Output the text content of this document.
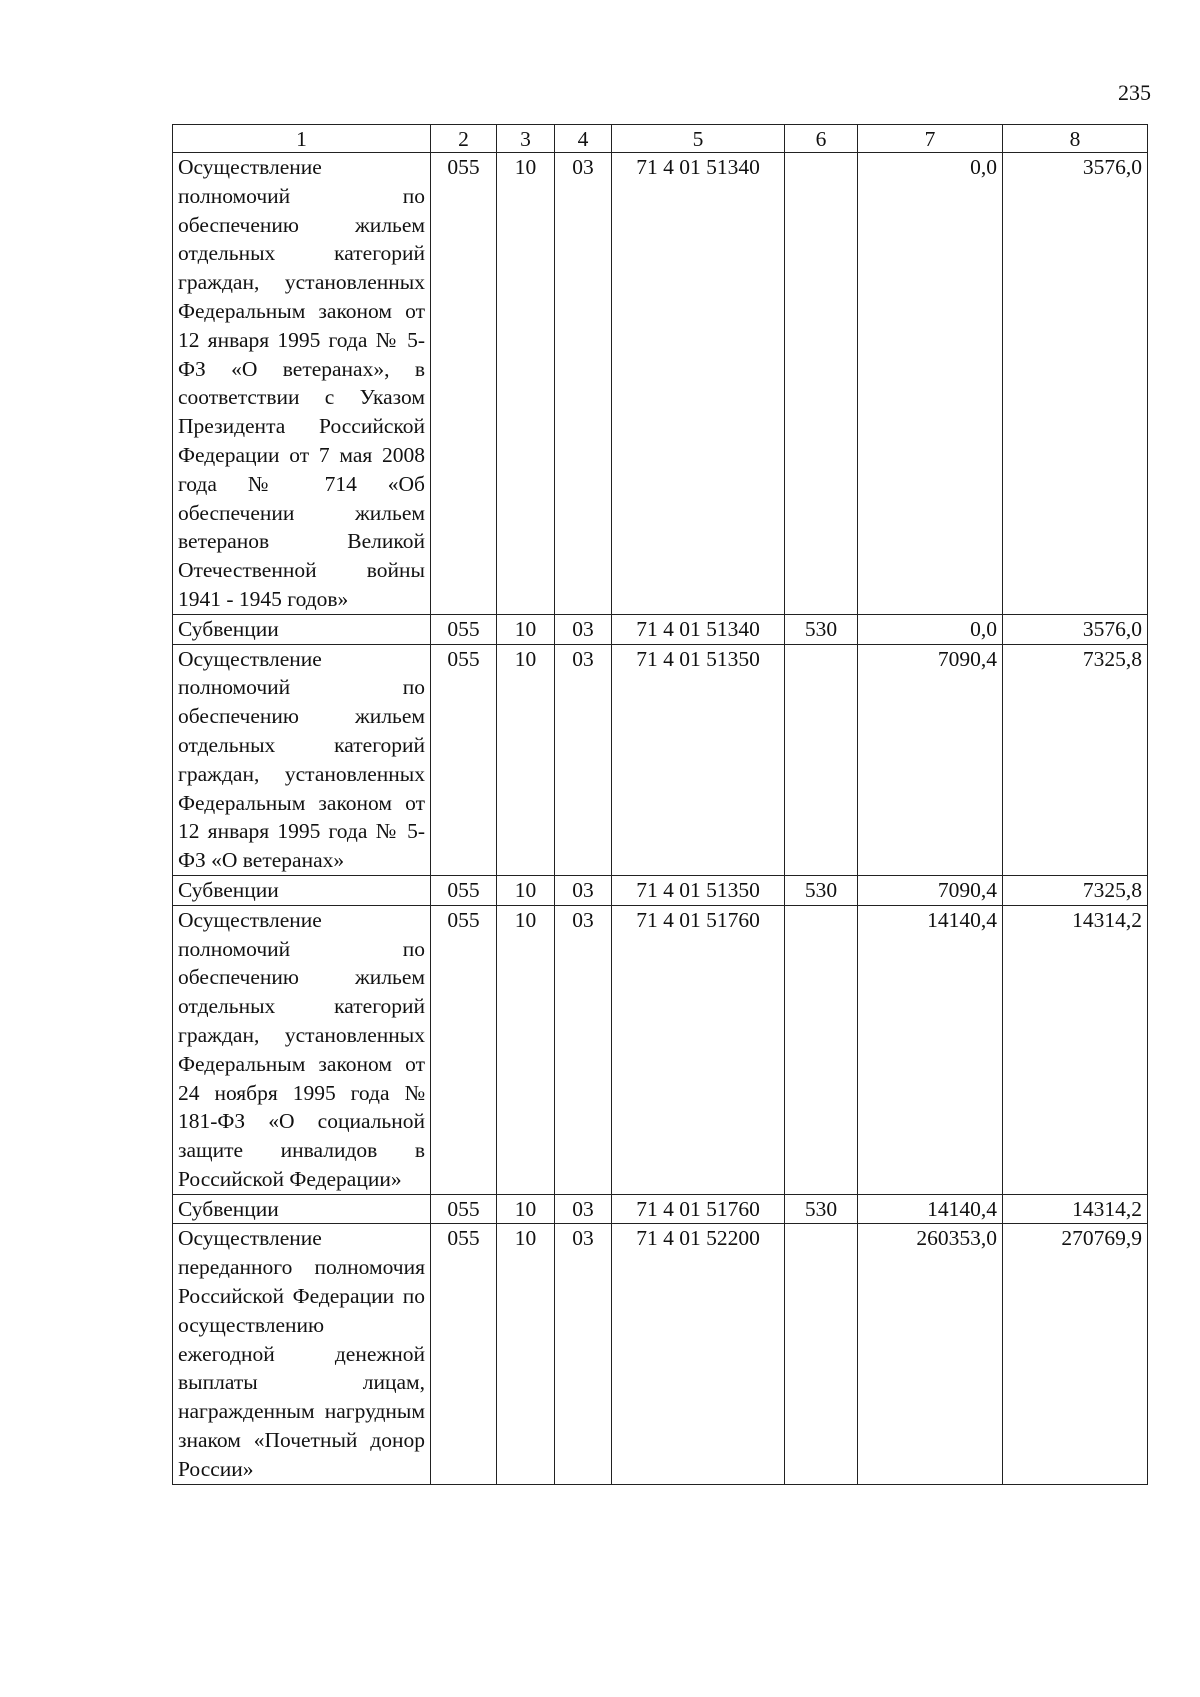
235
1	2	3	4	5	6	7	8
Осуществление полномочий по обеспечению жильем отдельных категорий граждан, установленных Федеральным законом от 12 января 1995 года № 5-ФЗ «О ветеранах», в соответствии с Указом Президента Российской Федерации от 7 мая 2008 года № 714 «Об обеспечении жильем ветеранов Великой Отечественной войны 1941 - 1945 годов»	055	10	03	71 4 01 51340		0,0	3576,0
Субвенции	055	10	03	71 4 01 51340	530	0,0	3576,0
Осуществление полномочий по обеспечению жильем отдельных категорий граждан, установленных Федеральным законом от 12 января 1995 года № 5-ФЗ «О ветеранах»	055	10	03	71 4 01 51350		7090,4	7325,8
Субвенции	055	10	03	71 4 01 51350	530	7090,4	7325,8
Осуществление полномочий по обеспечению жильем отдельных категорий граждан, установленных Федеральным законом от 24 ноября 1995 года № 181-ФЗ «О социальной защите инвалидов в Российской Федерации»	055	10	03	71 4 01 51760		14140,4	14314,2
Субвенции	055	10	03	71 4 01 51760	530	14140,4	14314,2
Осуществление переданного полномочия Российской Федерации по осуществлению ежегодной денежной выплаты лицам, награжденным нагрудным знаком «Почетный донор России»	055	10	03	71 4 01 52200		260353,0	270769,9
